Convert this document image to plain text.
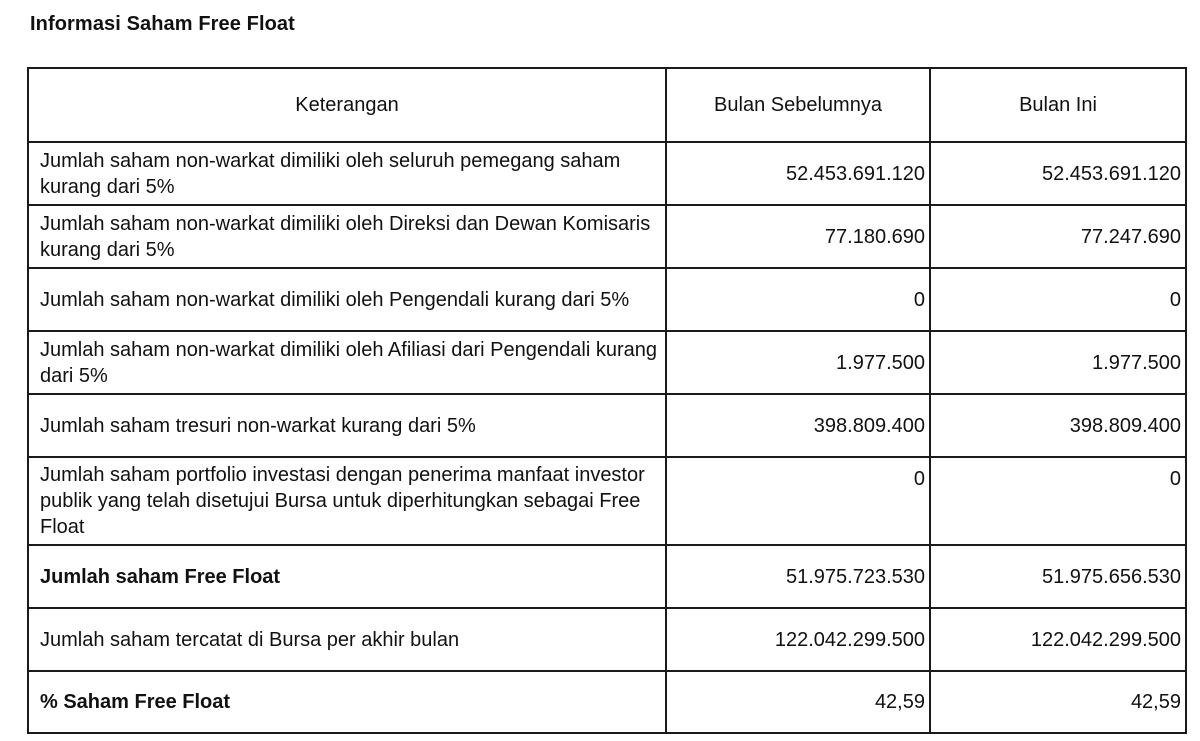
Informasi Saham Free Float
Keterangan	Bulan Sebelumnya	Bulan Ini
Jumlah saham non-warkat dimiliki oleh seluruh pemegang saham kurang dari 5%	52.453.691.120	52.453.691.120
Jumlah saham non-warkat dimiliki oleh Direksi dan Dewan Komisaris kurang dari 5%	77.180.690	77.247.690
Jumlah saham non-warkat dimiliki oleh Pengendali kurang dari 5%	0	0
Jumlah saham non-warkat dimiliki oleh Afiliasi dari Pengendali kurang dari 5%	1.977.500	1.977.500
Jumlah saham tresuri non-warkat kurang dari 5%	398.809.400	398.809.400
Jumlah saham portfolio investasi dengan penerima manfaat investor publik yang telah disetujui Bursa untuk diperhitungkan sebagai Free Float	0	0
Jumlah saham Free Float	51.975.723.530	51.975.656.530
Jumlah saham tercatat di Bursa per akhir bulan	122.042.299.500	122.042.299.500
% Saham Free Float	42,59	42,59
